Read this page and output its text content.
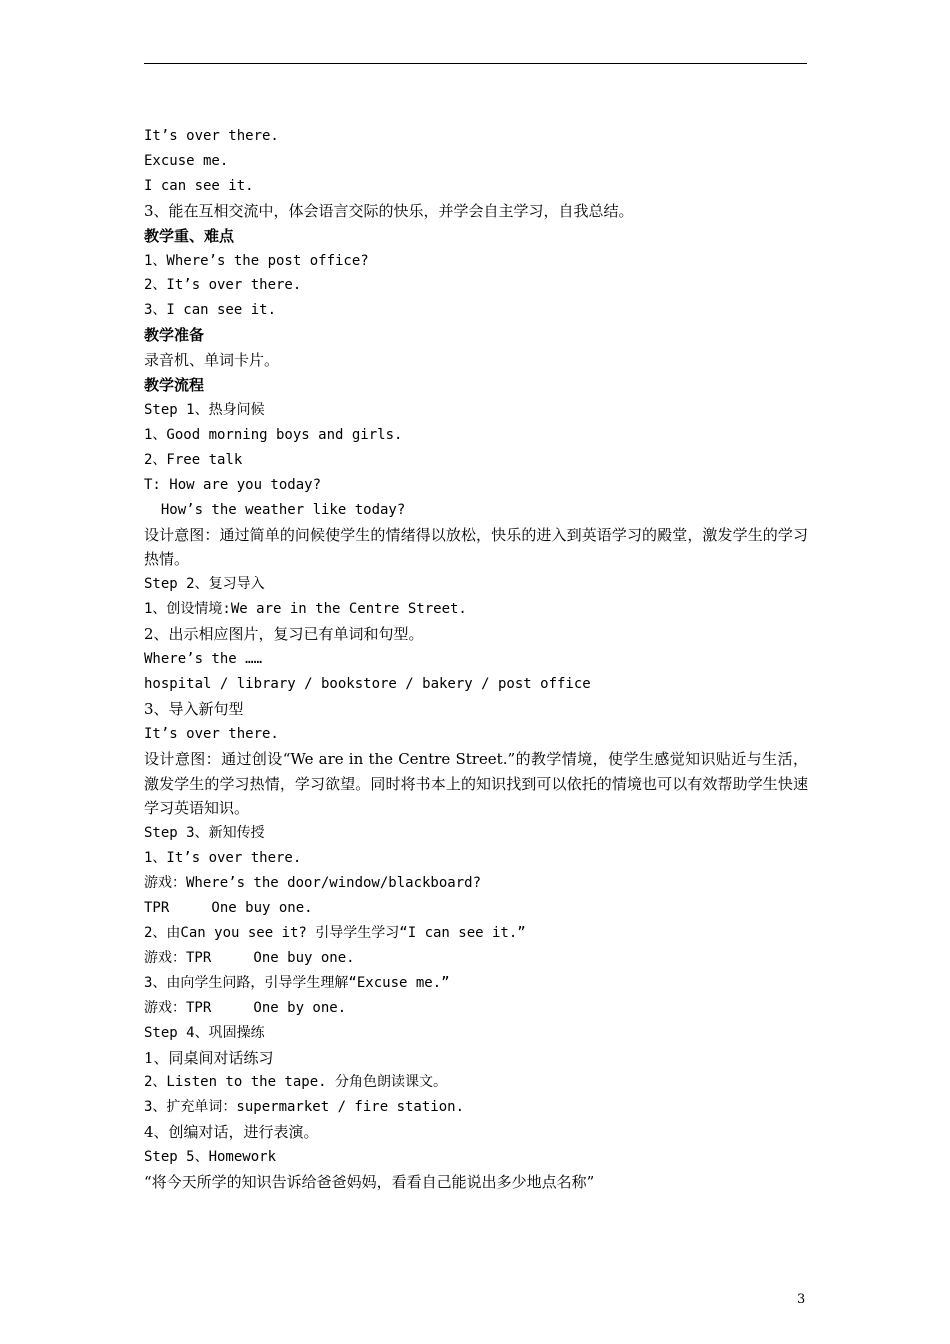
It’s over there.
Excuse me.
I can see it.
3、能在互相交流中，体会语言交际的快乐，并学会自主学习，自我总结。
教学重、难点
1、Where’s the post office?
2、It’s over there.
3、I can see it.
教学准备
录音机、单词卡片。
教学流程
Step 1、热身问候
1、Good morning boys and girls.
2、Free talk
T: How are you today?
How’s the weather like today?
设计意图：通过简单的问候使学生的情绪得以放松，快乐的进入到英语学习的殿堂，激发学生的学习热情。
Step 2、复习导入
1、创设情境:We are in the Centre Street.
2、出示相应图片，复习已有单词和句型。
Where’s the ……
hospital / library / bookstore / bakery / post office
3、导入新句型
It’s over there.
设计意图：通过创设“We are in the Centre Street.”的教学情境，使学生感觉知识贴近与生活，激发学生的学习热情，学习欲望。同时将书本上的知识找到可以依托的情境也可以有效帮助学生快速学习英语知识。
Step 3、新知传授
1、It’s over there.
游戏：Where’s the door/window/blackboard?
TPR     One buy one.
2、由Can you see it? 引导学生学习“I can see it.”
游戏：TPR     One buy one.
3、由向学生问路，引导学生理解“Excuse me.”
游戏：TPR     One by one.
Step 4、巩固操练
1、同桌间对话练习
2、Listen to the tape. 分角色朗读课文。
3、扩充单词：supermarket / fire station.
4、创编对话，进行表演。
Step 5、Homework
“将今天所学的知识告诉给爸爸妈妈，看看自己能说出多少地点名称”
3
